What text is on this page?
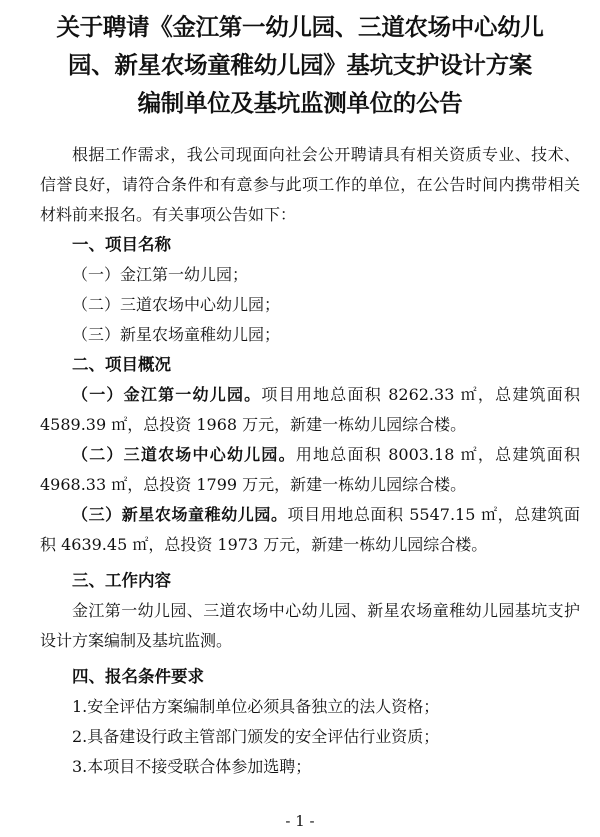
关于聘请《金江第一幼儿园、三道农场中心幼儿
园、新星农场童稚幼儿园》基坑支护设计方案
编制单位及基坑监测单位的公告

根据工作需求，我公司现面向社会公开聘请具有相关资质专业、技术、信誉良好，请符合条件和有意参与此项工作的单位，在公告时间内携带相关材料前来报名。有关事项公告如下：

一、项目名称

（一）金江第一幼儿园；

（二）三道农场中心幼儿园；

（三）新星农场童稚幼儿园；

二、项目概况

（一）金江第一幼儿园。项目用地总面积 8262.33 ㎡，总建筑面积 4589.39 ㎡，总投资 1968 万元，新建一栋幼儿园综合楼。

（二）三道农场中心幼儿园。用地总面积 8003.18 ㎡，总建筑面积 4968.33 ㎡，总投资 1799 万元，新建一栋幼儿园综合楼。

（三）新星农场童稚幼儿园。项目用地总面积 5547.15 ㎡，总建筑面积 4639.45 ㎡，总投资 1973 万元，新建一栋幼儿园综合楼。

三、工作内容

金江第一幼儿园、三道农场中心幼儿园、新星农场童稚幼儿园基坑支护设计方案编制及基坑监测。

四、报名条件要求

1.安全评估方案编制单位必须具备独立的法人资格；

2.具备建设行政主管部门颁发的安全评估行业资质；

3.本项目不接受联合体参加选聘；

- 1 -
